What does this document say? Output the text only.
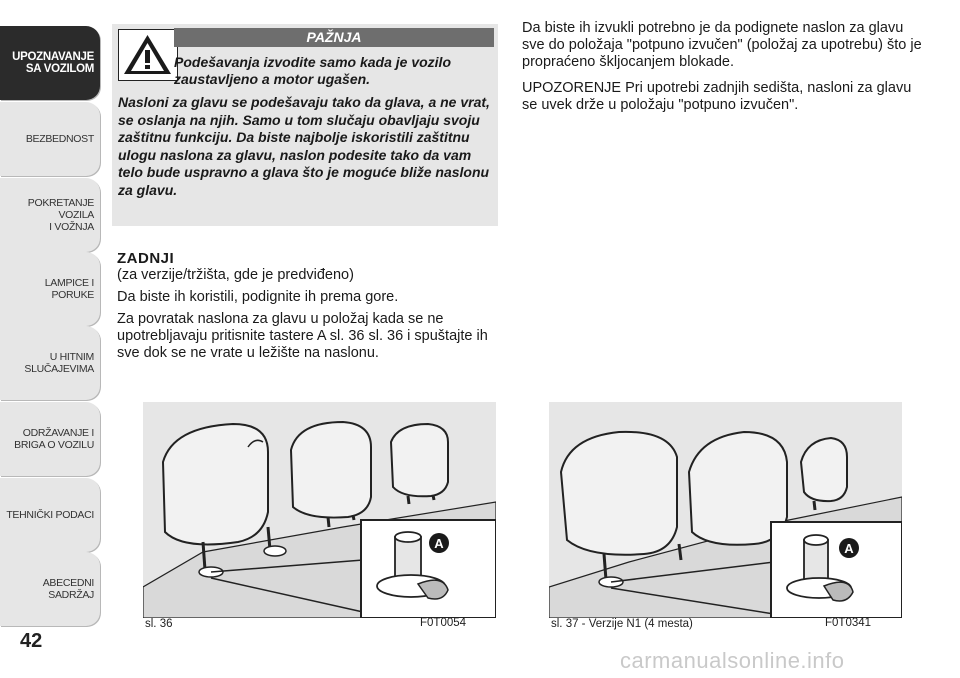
UPOZNAVANJE
SA VOZILOM
BEZBEDNOST
POKRETANJE VOZILA
I VOŽNJA
LAMPICE I PORUKE
U HITNIM
SLUČAJEVIMA
ODRŽAVANJE I
BRIGA O VOZILU
TEHNIČKI PODACI
ABECEDNI SADRŽAJ
42
PAŽNJA
Podešavanja izvodite samo kada je vozilo zaustavljeno a motor ugašen.
Nasloni za glavu se podešavaju tako da glava, a ne vrat, se oslanja na njih. Samo u tom slučaju obavljaju svoju zaštitnu funkciju. Da biste najbolje iskoristili zaštitnu ulogu naslona za glavu, naslon podesite tako da vam telo bude uspravno a glava što je moguće bliže naslonu za glavu.
ZADNJI

(za verzije/tržišta, gde je predviđeno)

Da biste ih koristili, podignite ih prema gore.

Za povratak naslona za glavu u položaj kada se ne upotrebljavaju pritisnite tastere A sl. 36 sl. 36 i spuštajte ih sve dok se ne vrate u ležište na naslonu.

Da biste ih izvukli potrebno je da podignete naslon za glavu sve do položaja "potpuno izvučen" (položaj za upotrebu) što je propraćeno škljocanjem blokade.

UPOZORENJE Pri upotrebi zadnjih sedišta, nasloni za glavu se uvek drže u položaju "potpuno izvučen".

A
sl. 36	F0T0054
A
sl. 37 - Verzije N1 (4 mesta)	F0T0341
carmanualsonline.info
